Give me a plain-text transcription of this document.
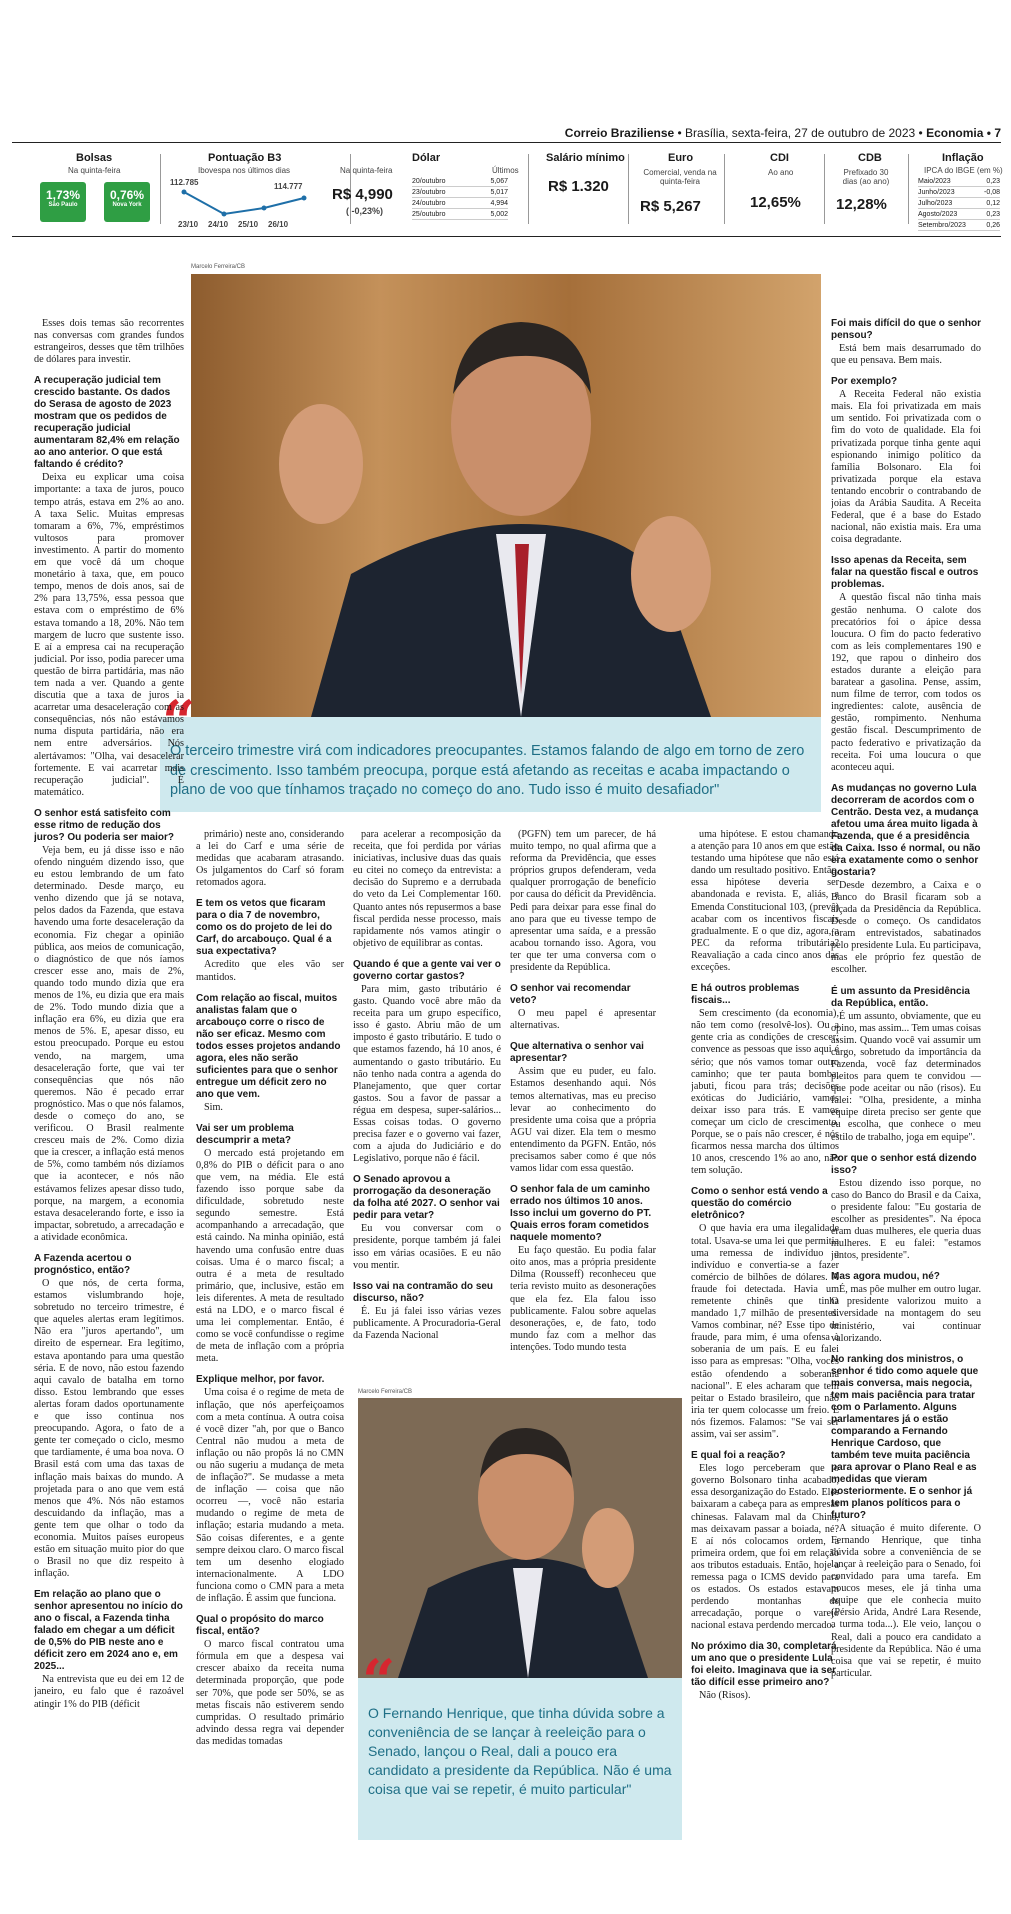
Correio Braziliense • Brasília, sexta-feira, 27 de outubro de 2023 • Economia • 7
Bolsas
Na quinta-feira
1,73%
São Paulo
0,76%
Nova York
Pontuação B3
Ibovespa nos últimos dias
112.785	114.777
23/10 24/10 25/10 26/10
Dólar
Na quinta-feira	Últimos
R$ 4,990
( -0,23%)
20/outubro	5,067
23/outubro	5,017
24/outubro	4,994
25/outubro	5,002
Salário mínimo
R$ 1.320
Euro
Comercial, venda na quinta-feira
R$ 5,267
CDI
Ao ano
12,65%
CDB
Prefixado 30 dias (ao ano)
12,28%
Inflação
IPCA do IBGE (em %)
Maio/2023	0,23
Junho/2023	-0,08
Julho/2023	0,12
Agosto/2023	0,23
Setembro/2023	0,26
Marcelo Ferreira/CB
“
O terceiro trimestre virá com indicadores preocupantes. Estamos falando de algo em torno de zero de crescimento. Isso também preocupa, porque está afetando as receitas e acaba impactando o plano de voo que tínhamos traçado no começo do ano. Tudo isso é muito desafiador"
Marcelo Ferreira/CB
“
O Fernando Henrique, que tinha dúvida sobre a conveniência de se lançar à reeleição para o Senado, lançou o Real, dali a pouco era candidato a presidente da República. Não é uma coisa que vai se repetir, é muito particular"

Esses dois temas são recorrentes nas conversas com grandes fundos estrangeiros, desses que têm trilhões de dólares para investir.

A recuperação judicial tem crescido bastante. Os dados do Serasa de agosto de 2023 mostram que os pedidos de recuperação judicial aumentaram 82,4% em relação ao ano anterior. O que está faltando é crédito?

Deixa eu explicar uma coisa importante: a taxa de juros, pouco tempo atrás, estava em 2% ao ano. A taxa Selic. Muitas empresas tomaram a 6%, 7%, empréstimos vultosos para promover investimento. A partir do momento em que você dá um choque monetário à taxa, que, em pouco tempo, menos de dois anos, sai de 2% para 13,75%, essa pessoa que estava com o empréstimo de 6% estava tomando a 18, 20%. Não tem margem de lucro que sustente isso. E aí a empresa cai na recuperação judicial. Por isso, podia parecer uma questão de birra partidária, mas não tem nada a ver. Quando a gente discutia que a taxa de juros ia acarretar uma desaceleração com as consequências, nós não estávamos numa disputa partidária, não era nem entre adversários. Nós alertávamos: "Olha, vai desacelerar fortemente. E vai acarretar mais recuperação judicial". É matemático.

O senhor está satisfeito com esse ritmo de redução dos juros? Ou poderia ser maior?

Veja bem, eu já disse isso e não ofendo ninguém dizendo isso, que eu estou lembrando de um fato determinado. Desde março, eu venho dizendo que já se notava, pelos dados da Fazenda, que estava havendo uma forte desaceleração da economia. Fiz chegar a opinião pública, aos meios de comunicação, o diagnóstico de que nós íamos crescer esse ano, mais de 2%, quando todo mundo dizia que era menos de 1%, eu dizia que era mais de 2%. Todo mundo dizia que a inflação era 6%, eu dizia que era menos de 5%. E, apesar disso, eu estou preocupado. Porque eu estou vendo, na margem, uma desaceleração forte, que vai ter consequências que nós não queremos. Não é pecado errar prognóstico. Mas o que nós falamos, desde o começo do ano, se verificou. O Brasil realmente cresceu mais de 2%. Como dizia que ia crescer, a inflação está menos de 5%, como também nós dizíamos que ia acontecer, e nós não estávamos felizes apesar disso tudo, porque, na margem, a economia estava desacelerando forte, e isso ia impactar, sobretudo, a arrecadação e a atividade econômica.

A Fazenda acertou o prognóstico, então?

O que nós, de certa forma, estamos vislumbrando hoje, sobretudo no terceiro trimestre, é que aqueles alertas eram legítimos. Não era "juros apertando", um direito de espernear. Era legítimo, estava apontando para uma questão séria. E de novo, não estou fazendo aqui cavalo de batalha em torno disso. Estou lembrando que esses alertas foram dados oportunamente e que isso continua nos preocupando. Agora, o fato de a gente ter começado o ciclo, mesmo que tardiamente, é uma boa nova. O Brasil está com uma das taxas de inflação mais baixas do mundo. A projetada para o ano que vem está menos que 4%. Nós não estamos descuidando da inflação, mas a gente tem que olhar o todo da economia. Muitos países europeus estão em situação muito pior do que o Brasil no que diz respeito à inflação.

Em relação ao plano que o senhor apresentou no início do ano o fiscal, a Fazenda tinha falado em chegar a um déficit de 0,5% do PIB neste ano e déficit zero em 2024 ano e, em 2025...

Na entrevista que eu dei em 12 de janeiro, eu falo que é razoável atingir 1% do PIB (déficit

primário) neste ano, considerando a lei do Carf e uma série de medidas que acabaram atrasando. Os julgamentos do Carf só foram retomados agora.

E tem os vetos que ficaram para o dia 7 de novembro, como os do projeto de lei do Carf, do arcabouço. Qual é a sua expectativa?

Acredito que eles vão ser mantidos.

Com relação ao fiscal, muitos analistas falam que o arcabouço corre o risco de não ser eficaz. Mesmo com todos esses projetos andando agora, eles não serão suficientes para que o senhor entregue um déficit zero no ano que vem.

Sim.

Vai ser um problema descumprir a meta?

O mercado está projetando em 0,8% do PIB o déficit para o ano que vem, na média. Ele está fazendo isso porque sabe da dificuldade, sobretudo neste segundo semestre. Está acompanhando a arrecadação, que está caindo. Na minha opinião, está havendo uma confusão entre duas coisas. Uma é o marco fiscal; a outra é a meta de resultado primário, que, inclusive, estão em leis diferentes. A meta de resultado está na LDO, e o marco fiscal é uma lei complementar. Então, é como se você confundisse o regime de meta de inflação com a própria meta.

Explique melhor, por favor.

Uma coisa é o regime de meta de inflação, que nós aperfeiçoamos com a meta contínua. A outra coisa é você dizer "ah, por que o Banco Central não mudou a meta de inflação ou não propôs lá no CMN ou não sugeriu a mudança de meta de inflação?". Se mudasse a meta de inflação — coisa que não ocorreu —, você não estaria mudando o regime de meta de inflação; estaria mudando a meta. São coisas diferentes, e a gente sempre deixou claro. O marco fiscal tem um desenho elogiado internacionalmente. A LDO funciona como o CMN para a meta de inflação. É assim que funciona.

Qual o propósito do marco fiscal, então?

O marco fiscal contratou uma fórmula em que a despesa vai crescer abaixo da receita numa determinada proporção, que pode ser 70%, que pode ser 50%, se as metas fiscais não estiverem sendo cumpridas. O resultado primário advindo dessa regra vai depender das medidas tomadas

para acelerar a recomposição da receita, que foi perdida por várias iniciativas, inclusive duas das quais eu citei no começo da entrevista: a decisão do Supremo e a derrubada do veto da Lei Complementar 160. Quanto antes nós repusermos a base fiscal perdida nesse processo, mais rapidamente nós vamos atingir o objetivo de equilibrar as contas.

Quando é que a gente vai ver o governo cortar gastos?

Para mim, gasto tributário é gasto. Quando você abre mão da receita para um grupo específico, isso é gasto. Abriu mão de um imposto é gasto tributário. E tudo o que estamos fazendo, há 10 anos, é aumentando o gasto tributário. Eu não tenho nada contra a agenda do Planejamento, que quer cortar gastos. Sou a favor de passar a régua em despesa, super-salários... Essas coisas todas. O governo precisa fazer e o governo vai fazer, com a ajuda do Judiciário e do Legislativo, porque não é fácil.

O Senado aprovou a prorrogação da desoneração da folha até 2027. O senhor vai pedir para vetar?

Eu vou conversar com o presidente, porque também já falei isso em várias ocasiões. E eu não vou mentir.

Isso vai na contramão do seu discurso, não?

É. Eu já falei isso várias vezes publicamente. A Procuradoria-Geral da Fazenda Nacional

(PGFN) tem um parecer, de há muito tempo, no qual afirma que a reforma da Previdência, que esses próprios grupos defenderam, veda qualquer prorrogação de benefício por causa do déficit da Previdência. Pedi para deixar para esse final do ano para que eu tivesse tempo de apresentar uma saída, e a pressão acabou tornando isso. Agora, vou ter que ter uma conversa com o presidente da República.

O senhor vai recomendar veto?

O meu papel é apresentar alternativas.

Que alternativa o senhor vai apresentar?

Assim que eu puder, eu falo. Estamos desenhando aqui. Nós temos alternativas, mas eu preciso levar ao conhecimento do presidente uma coisa que a própria AGU vai dizer. Ela tem o mesmo entendimento da PGFN. Então, nós precisamos saber como é que nós vamos lidar com essa questão.

O senhor fala de um caminho errado nos últimos 10 anos. Isso inclui um governo do PT. Quais erros foram cometidos naquele momento?

Eu faço questão. Eu podia falar oito anos, mas a própria presidente Dilma (Rousseff) reconheceu que teria revisto muito as desonerações que ela fez. Ela falou isso publicamente. Falou sobre aquelas desonerações, e, de fato, todo mundo faz com a melhor das intenções. Todo mundo testa

uma hipótese. E estou chamando a atenção para 10 anos em que estão testando uma hipótese que não está dando um resultado positivo. Então, essa hipótese deveria ser abandonada e revista. E, aliás, a Emenda Constitucional 103, (prevê) acabar com os incentivos fiscais gradualmente. E o que diz, agora, a PEC da reforma tributária? Reavaliação a cada cinco anos das exceções.

E há outros problemas fiscais...

Sem crescimento (da economia), não tem como (resolvê-los). Ou a gente cria as condições de crescer; convence as pessoas que isso aqui é sério; que nós vamos tomar outro caminho; que ter pauta bomba, jabuti, ficou para trás; decisões exóticas do Judiciário, vamos deixar isso para trás. E vamos começar um ciclo de crescimento. Porque, se o país não crescer, é nós ficarmos nessa marcha dos últimos 10 anos, crescendo 1% ao ano, não tem solução.

Como o senhor está vendo a questão do comércio eletrônico?

O que havia era uma ilegalidade total. Usava-se uma lei que permitia uma remessa de indivíduo a indivíduo e convertia-se a fazer comércio de bilhões de dólares. A fraude foi detectada. Havia um remetente chinês que tinha mandado 1,7 milhão de presentes. Vamos combinar, né? Esse tipo de fraude, para mim, é uma ofensa à soberania de um país. E eu falei isso para as empresas: "Olha, vocês estão ofendendo a soberania nacional". E eles acharam que tem peitar o Estado brasileiro, que não iria ter quem colocasse um freio. E nós fizemos. Falamos: "Se vai ser assim, vai ser assim".

E qual foi a reação?

Eles logo perceberam que o governo Bolsonaro tinha acabado, essa desorganização do Estado. Eles baixaram a cabeça para as empresas chinesas. Falavam mal da China, mas deixavam passar a boiada, né? E aí nós colocamos ordem, a primeira ordem, que foi em relação aos tributos estaduais. Então, hoje a remessa paga o ICMS devido para os estados. Os estados estavam perdendo montanhas de arrecadação, porque o varejo nacional estava perdendo mercado.

No próximo dia 30, completará um ano que o presidente Lula foi eleito. Imaginava que ia ser tão difícil esse primeiro ano?

Não (Risos).

Foi mais difícil do que o senhor pensou?

Está bem mais desarrumado do que eu pensava. Bem mais.

Por exemplo?

A Receita Federal não existia mais. Ela foi privatizada em mais um sentido. Foi privatizada com o fim do voto de qualidade. Ela foi privatizada porque tinha gente aqui espionando inimigo político da família Bolsonaro. Ela foi privatizada porque ela estava tentando encobrir o contrabando de joias da Arábia Saudita. A Receita Federal, que é a base do Estado nacional, não existia mais. Era uma coisa degradante.

Isso apenas da Receita, sem falar na questão fiscal e outros problemas.

A questão fiscal não tinha mais gestão nenhuma. O calote dos precatórios foi o ápice dessa loucura. O fim do pacto federativo com as leis complementares 190 e 192, que rapou o dinheiro dos estados durante a eleição para baratear a gasolina. Pense, assim, num filme de terror, com todos os ingredientes: calote, ausência de gestão, rompimento. Nenhuma gestão fiscal. Descumprimento de pacto federativo e privatização da receita. Foi uma loucura o que aconteceu aqui.

As mudanças no governo Lula decorreram de acordos com o Centrão. Desta vez, a mudança afetou uma área muito ligada à Fazenda, que é a presidência da Caixa. Isso é normal, ou não era exatamente como o senhor gostaria?

Desde dezembro, a Caixa e o Banco do Brasil ficaram sob a alçada da Presidência da República. Desde o começo. Os candidatos foram entrevistados, sabatinados pelo presidente Lula. Eu participava, mas ele próprio fez questão de escolher.

É um assunto da Presidência da República, então.

É um assunto, obviamente, que eu opino, mas assim... Tem umas coisas assim. Quando você vai assumir um cargo, sobretudo da importância da Fazenda, você faz determinados pleitos para quem te convidou — que pode aceitar ou não (risos). Eu falei: "Olha, presidente, a minha equipe direta preciso ser gente que eu escolha, que conhece o meu estilo de trabalho, joga em equipe".

Por que o senhor está dizendo isso?

Estou dizendo isso porque, no caso do Banco do Brasil e da Caixa, o presidente falou: "Eu gostaria de escolher as presidentes". Na época eram duas mulheres, ele queria duas mulheres. E eu falei: "estamos juntos, presidente".

Mas agora mudou, né?

É, mas pôe mulher em outro lugar. O presidente valorizou muito a diversidade na montagem do seu ministério, vai continuar valorizando.

No ranking dos ministros, o senhor é tido como aquele que mais conversa, mais negocia, tem mais paciência para tratar com o Parlamento. Alguns parlamentares já o estão comparando a Fernando Henrique Cardoso, que também teve muita paciência para aprovar o Plano Real e as medidas que vieram posteriormente. E o senhor já tem planos políticos para o futuro?

A situação é muito diferente. O Fernando Henrique, que tinha dúvida sobre a conveniência de se lançar à reeleição para o Senado, foi convidado para uma tarefa. Em poucos meses, ele já tinha uma equipe que ele conhecia muito (Pérsio Arida, André Lara Resende, a turma toda...). Ele veio, lançou o Real, dali a pouco era candidato a presidente da República. Não é uma coisa que vai se repetir, é muito particular.
